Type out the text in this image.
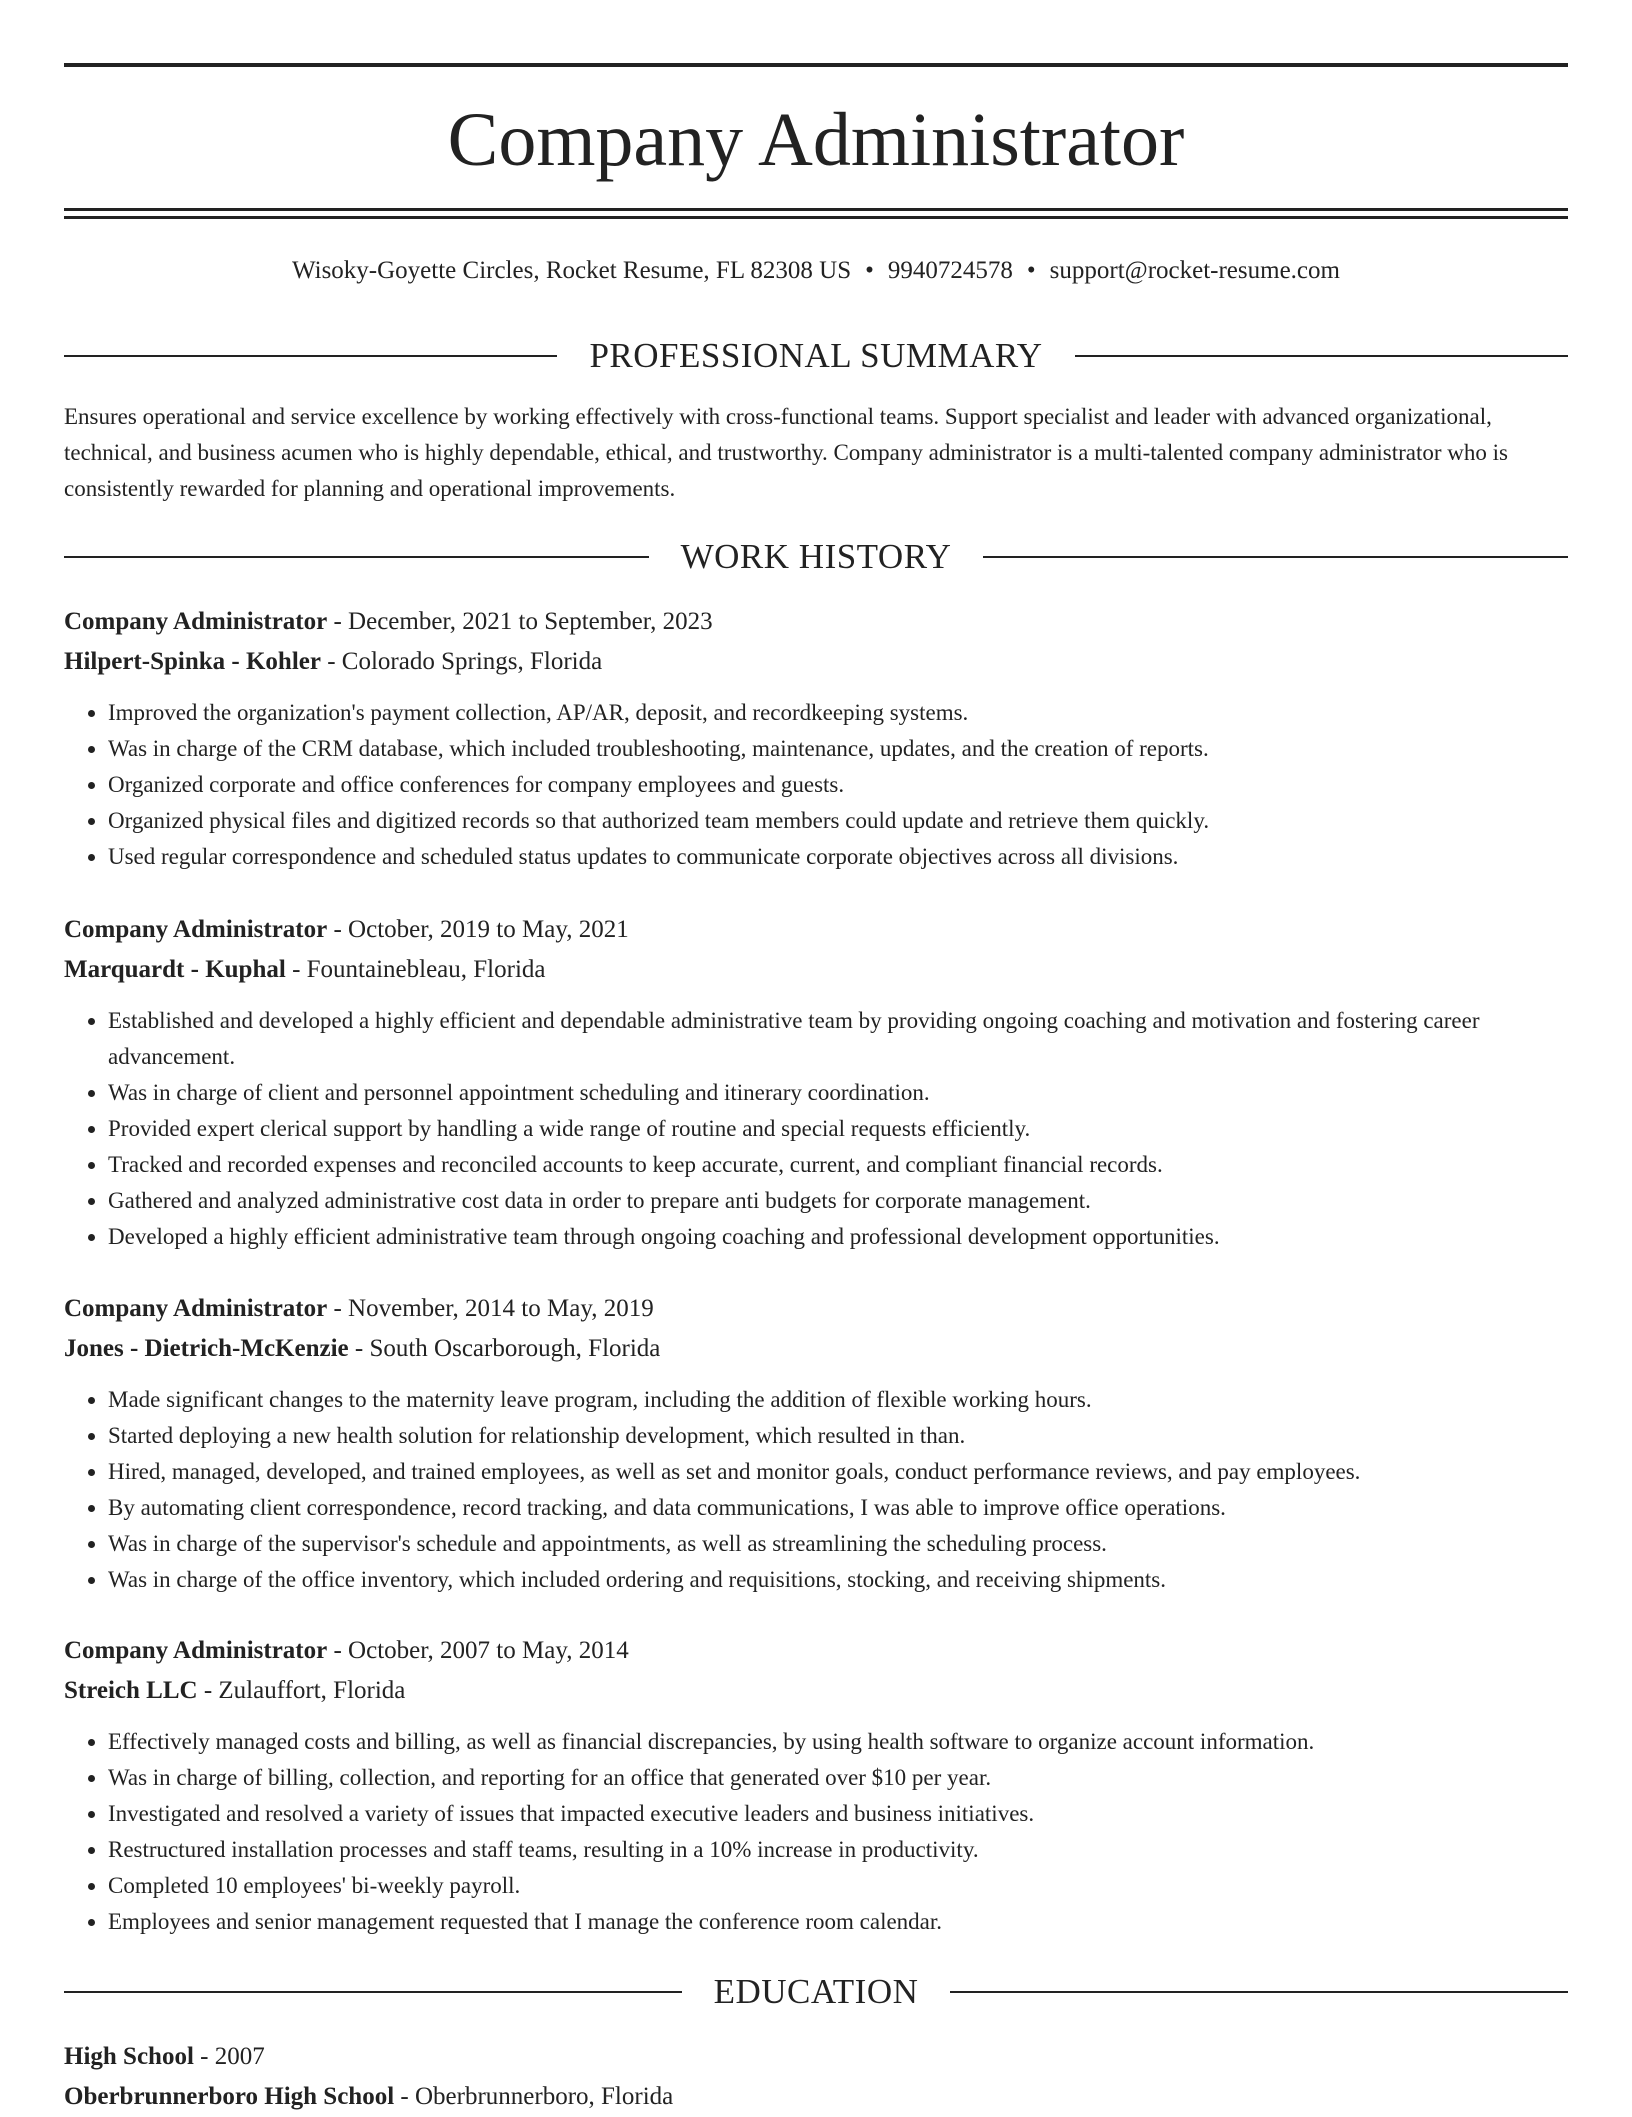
Company Administrator
Wisoky-Goyette Circles, Rocket Resume, FL 82308 US • 9940724578 • support@rocket-resume.com
PROFESSIONAL SUMMARY

Ensures operational and service excellence by working effectively with cross-functional teams. Support specialist and leader with advanced organizational, technical, and business acumen who is highly dependable, ethical, and trustworthy. Company administrator is a multi-talented company administrator who is consistently rewarded for planning and operational improvements.

WORK HISTORY

Company Administrator - December, 2021 to September, 2023

Hilpert-Spinka - Kohler - Colorado Springs, Florida

• Improved the organization's payment collection, AP/AR, deposit, and recordkeeping systems.
• Was in charge of the CRM database, which included troubleshooting, maintenance, updates, and the creation of reports.
• Organized corporate and office conferences for company employees and guests.
• Organized physical files and digitized records so that authorized team members could update and retrieve them quickly.
• Used regular correspondence and scheduled status updates to communicate corporate objectives across all divisions.

Company Administrator - October, 2019 to May, 2021

Marquardt - Kuphal - Fountainebleau, Florida

• Established and developed a highly efficient and dependable administrative team by providing ongoing coaching and motivation and fostering career advancement.
• Was in charge of client and personnel appointment scheduling and itinerary coordination.
• Provided expert clerical support by handling a wide range of routine and special requests efficiently.
• Tracked and recorded expenses and reconciled accounts to keep accurate, current, and compliant financial records.
• Gathered and analyzed administrative cost data in order to prepare anti budgets for corporate management.
• Developed a highly efficient administrative team through ongoing coaching and professional development opportunities.

Company Administrator - November, 2014 to May, 2019

Jones - Dietrich-McKenzie - South Oscarborough, Florida

• Made significant changes to the maternity leave program, including the addition of flexible working hours.
• Started deploying a new health solution for relationship development, which resulted in than.
• Hired, managed, developed, and trained employees, as well as set and monitor goals, conduct performance reviews, and pay employees.
• By automating client correspondence, record tracking, and data communications, I was able to improve office operations.
• Was in charge of the supervisor's schedule and appointments, as well as streamlining the scheduling process.
• Was in charge of the office inventory, which included ordering and requisitions, stocking, and receiving shipments.

Company Administrator - October, 2007 to May, 2014

Streich LLC - Zulauffort, Florida

• Effectively managed costs and billing, as well as financial discrepancies, by using health software to organize account information.
• Was in charge of billing, collection, and reporting for an office that generated over $10 per year.
• Investigated and resolved a variety of issues that impacted executive leaders and business initiatives.
• Restructured installation processes and staff teams, resulting in a 10% increase in productivity.
• Completed 10 employees' bi-weekly payroll.
• Employees and senior management requested that I manage the conference room calendar.
EDUCATION

High School - 2007

Oberbrunnerboro High School - Oberbrunnerboro, Florida
